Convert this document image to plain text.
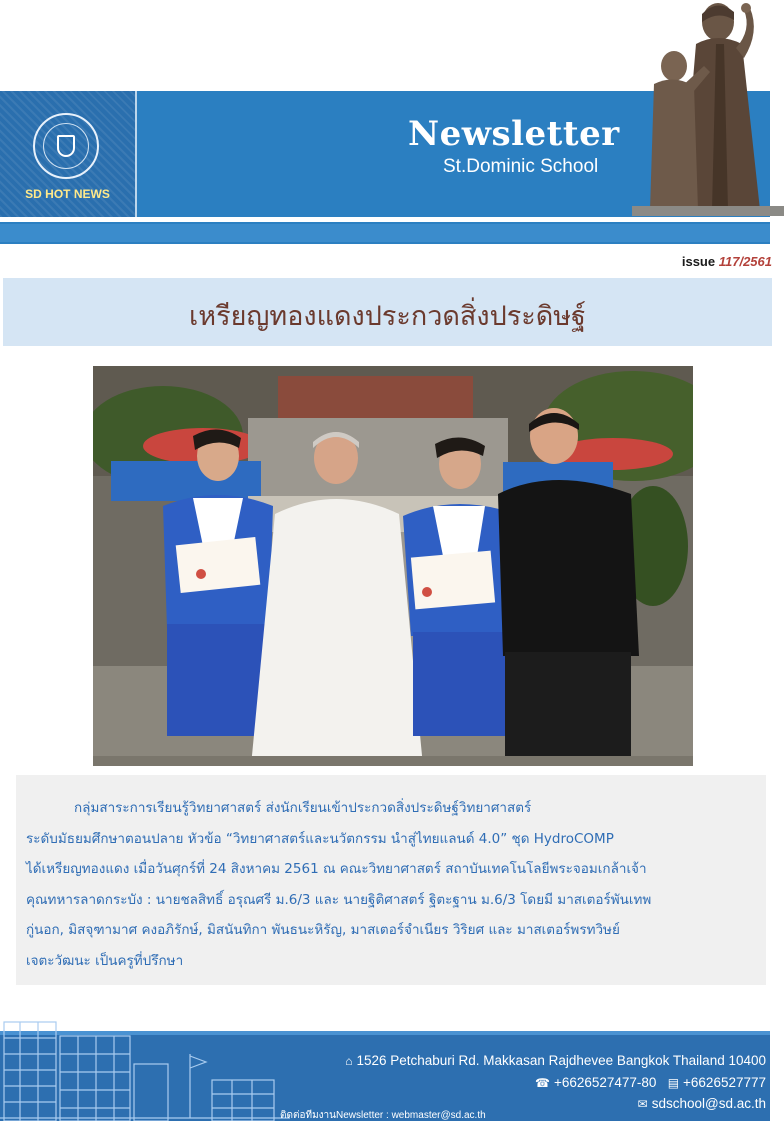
SD HOT NEWS
Newsletter
St.Dominic School
issue 117/2561
เหรียญทองแดงประกวดสิ่งประดิษฐ์
กลุ่มสาระการเรียนรู้วิทยาศาสตร์ ส่งนักเรียนเข้าประกวดสิ่งประดิษฐ์วิทยาศาสตร์
ระดับมัธยมศึกษาตอนปลาย หัวข้อ “วิทยาศาสตร์และนวัตกรรม นำสู่ไทยแลนด์ 4.0” ชุด HydroCOMP
ได้เหรียญทองแดง เมื่อวันศุกร์ที่ 24 สิงหาคม 2561 ณ คณะวิทยาศาสตร์ สถาบันเทคโนโลยีพระจอมเกล้าเจ้า
คุณทหารลาดกระบัง : นายชลสิทธิ์ อรุณศรี ม.6/3 และ นายฐิติศาสตร์ ฐิตะฐาน ม.6/3 โดยมี มาสเตอร์พันเทพ
กู่นอก, มิสจุฑามาศ คงอภิรักษ์, มิสนันทิกา พันธนะหิรัญ, มาสเตอร์จำเนียร วิริยศ และ มาสเตอร์พรทวิษย์
เจตะวัฒนะ เป็นครูที่ปรึกษา
⌂ 1526 Petchaburi Rd. Makkasan Rajdhevee Bangkok Thailand 10400
☎ +6626527477-80 ▤ +6626527777
✉ sdschool@sd.ac.th
ติดต่อทีมงานNewsletter : webmaster@sd.ac.th
